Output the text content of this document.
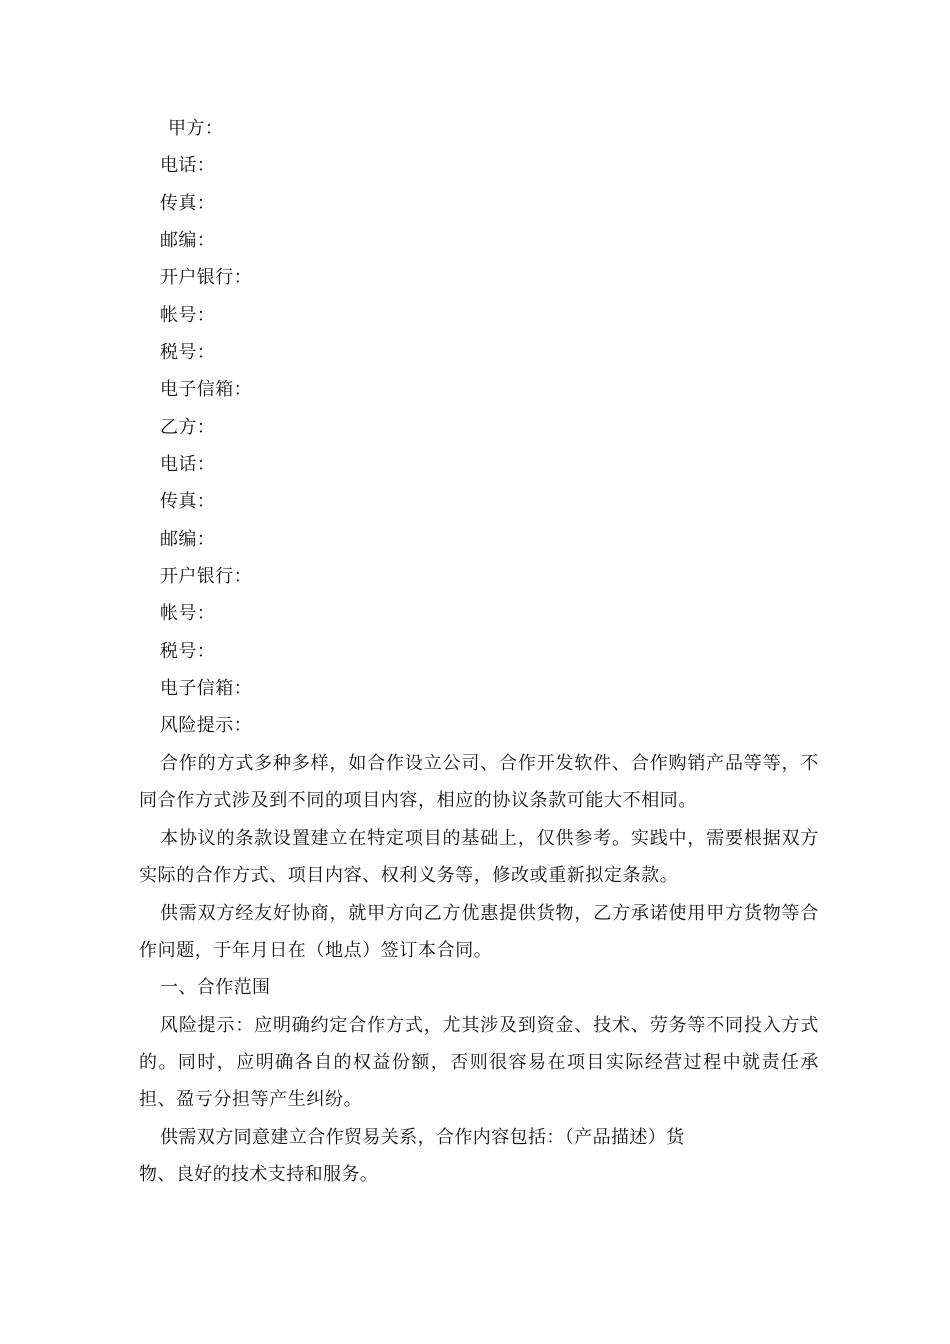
甲方：
电话：
传真：
邮编：
开户银行：
帐号：
税号：
电子信箱：
乙方：
电话：
传真：
邮编：
开户银行：
帐号：
税号：
电子信箱：
风险提示：
合作的方式多种多样，如合作设立公司、合作开发软件、合作购销产品等等，不同合作方式涉及到不同的项目内容，相应的协议条款可能大不相同。
本协议的条款设置建立在特定项目的基础上，仅供参考。实践中，需要根据双方实际的合作方式、项目内容、权利义务等，修改或重新拟定条款。
供需双方经友好协商，就甲方向乙方优惠提供货物，乙方承诺使用甲方货物等合作问题，于年月日在（地点）签订本合同。
一、合作范围
风险提示：应明确约定合作方式，尤其涉及到资金、技术、劳务等不同投入方式的。同时，应明确各自的权益份额，否则很容易在项目实际经营过程中就责任承担、盈亏分担等产生纠纷。
供需双方同意建立合作贸易关系，合作内容包括：（产品描述）货
物、良好的技术支持和服务。
